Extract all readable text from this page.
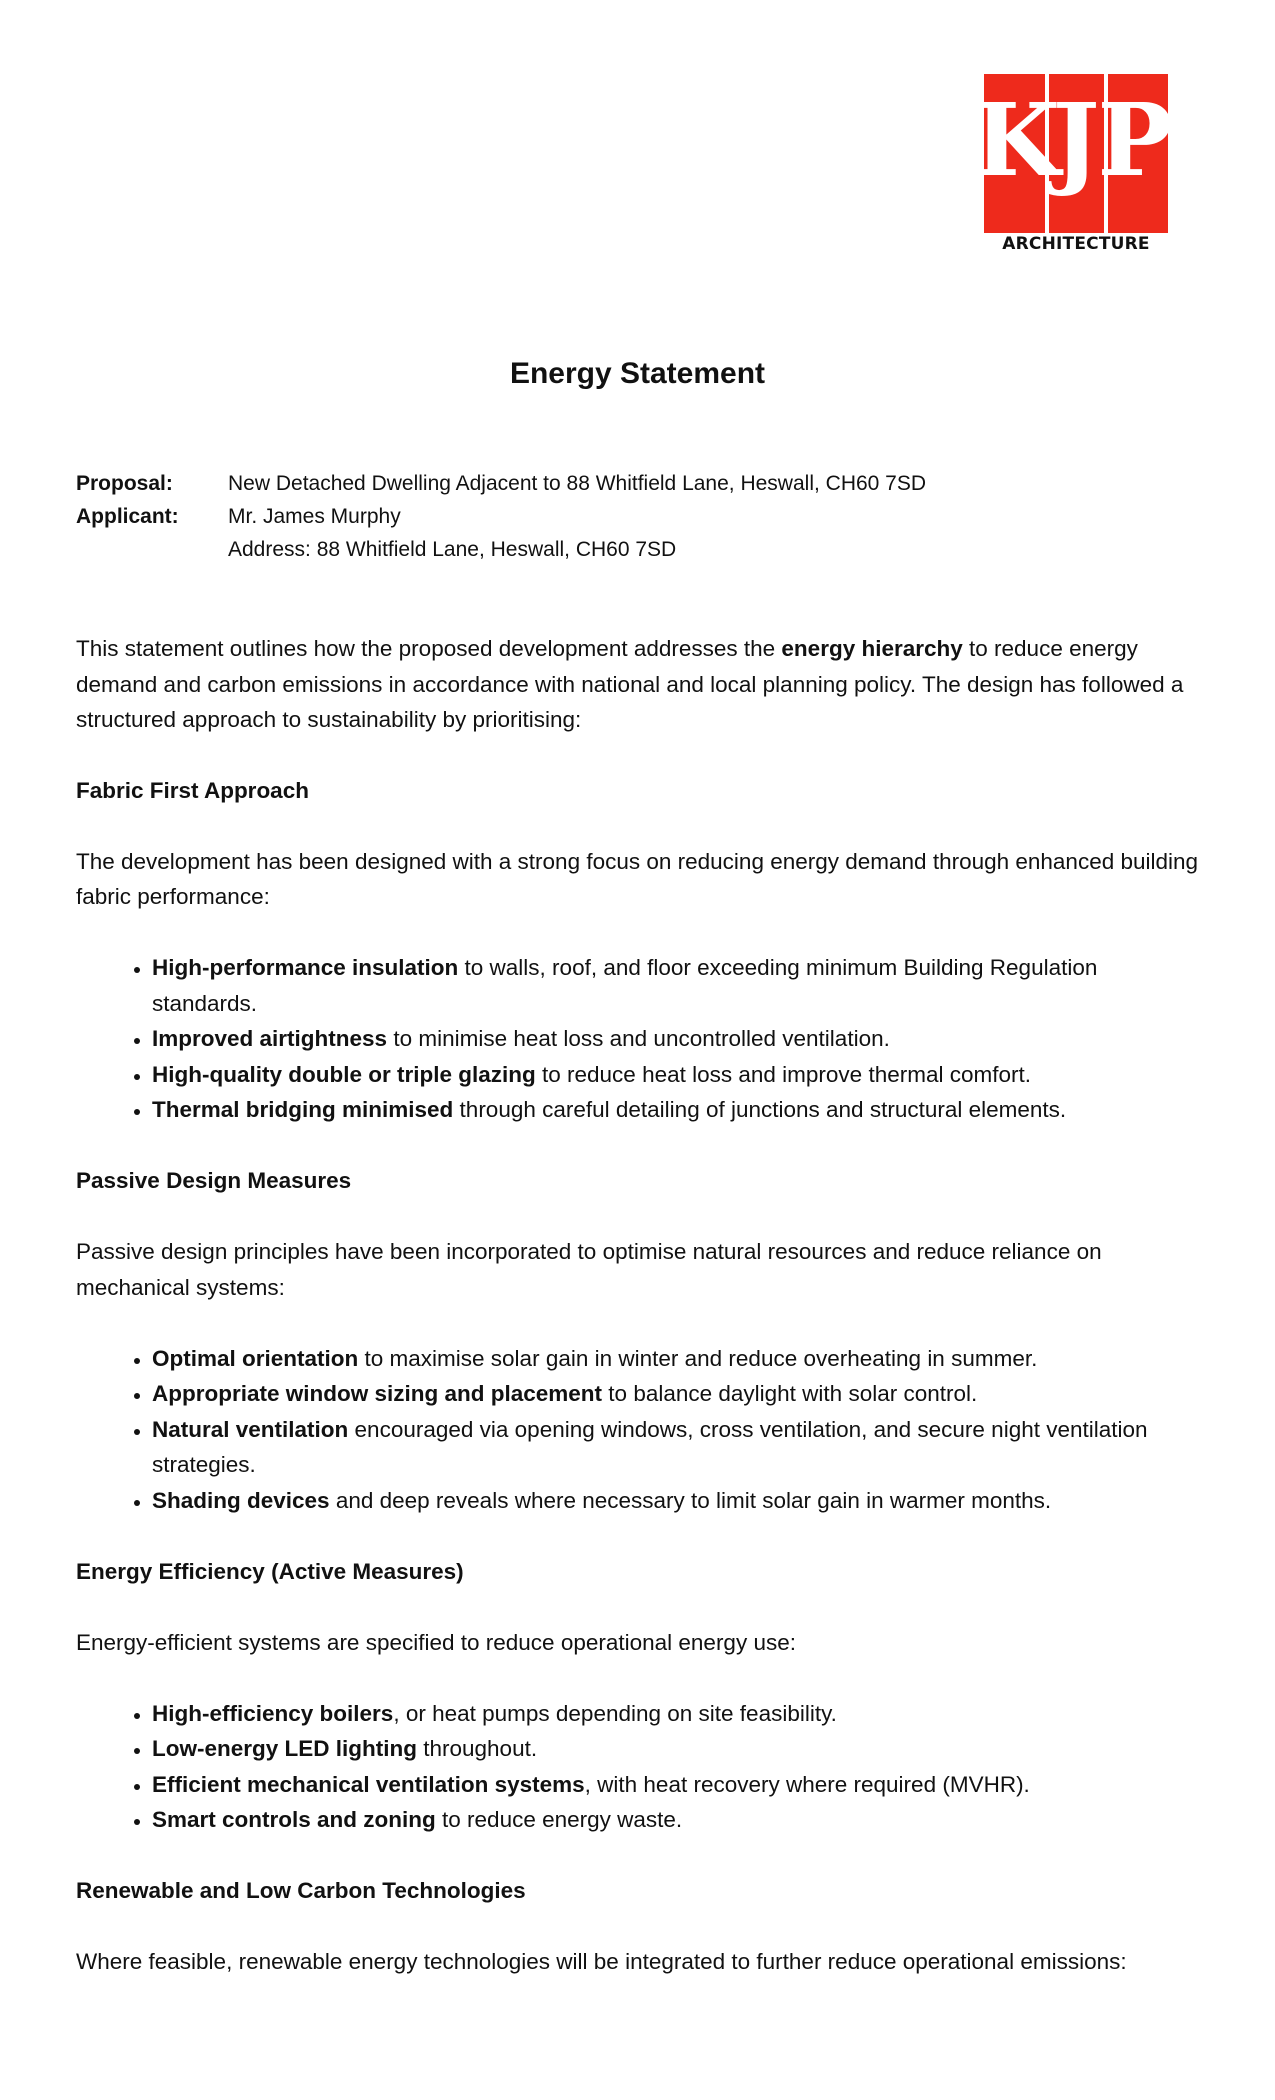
K
J
P
ARCHITECTURE
Energy Statement
Proposal:	New Detached Dwelling Adjacent to 88 Whitfield Lane, Heswall, CH60 7SD
Applicant:	Mr. James Murphy
Address: 88 Whitfield Lane, Heswall, CH60 7SD

This statement outlines how the proposed development addresses the energy hierarchy to reduce energy demand and carbon emissions in accordance with national and local planning policy. The design has followed a structured approach to sustainability by prioritising:

Fabric First Approach

The development has been designed with a strong focus on reducing energy demand through enhanced building fabric performance:

• High-performance insulation to walls, roof, and floor exceeding minimum Building Regulation standards.
• Improved airtightness to minimise heat loss and uncontrolled ventilation.
• High-quality double or triple glazing to reduce heat loss and improve thermal comfort.
• Thermal bridging minimised through careful detailing of junctions and structural elements.

Passive Design Measures

Passive design principles have been incorporated to optimise natural resources and reduce reliance on mechanical systems:

• Optimal orientation to maximise solar gain in winter and reduce overheating in summer.
• Appropriate window sizing and placement to balance daylight with solar control.
• Natural ventilation encouraged via opening windows, cross ventilation, and secure night ventilation strategies.
• Shading devices and deep reveals where necessary to limit solar gain in warmer months.

Energy Efficiency (Active Measures)

Energy-efficient systems are specified to reduce operational energy use:

• High-efficiency boilers, or heat pumps depending on site feasibility.
• Low-energy LED lighting throughout.
• Efficient mechanical ventilation systems, with heat recovery where required (MVHR).
• Smart controls and zoning to reduce energy waste.

Renewable and Low Carbon Technologies

Where feasible, renewable energy technologies will be integrated to further reduce operational emissions:
